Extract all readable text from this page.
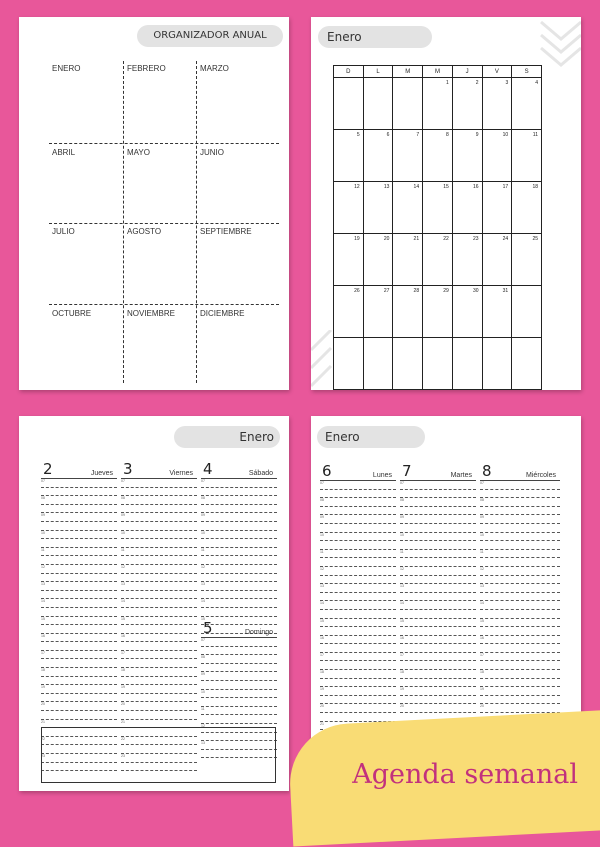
ORGANIZADOR ANUAL
ENERO	FEBRERO	MARZO
ABRIL	MAYO	JUNIO
JULIO	AGOSTO	SEPTIEMBRE
OCTUBRE	NOVIEMBRE	DICIEMBRE
Enero
D	L	M	M	J	V	S
			1	2	3	4
5	6	7	8	9	10	11
12	13	14	15	16	17	18
19	20	21	22	23	24	25
26	27	28	29	30	31	

Enero
2	Jueves
07
08
09
10
11
12
13
14
15
16
17
18
19
20
21
22
23
3	Viernes
07
08
09
10
11
12
13
14
15
16
17
18
19
20
21
22
23
4	Sábado
07
08
09
10
11
12
13
14
15
5	Domingo
07
08
09
10
11
12
13
Enero
6	Lunes
07
08
09
10
11
12
13
14
15
16
17
18
19
20
21
7	Martes
07
08
09
10
11
12
13
14
15
16
17
18
19
20
8	Miércoles
07
08
09
10
11
12
13
14
15
16
17
18
19
20
Agenda semanal
